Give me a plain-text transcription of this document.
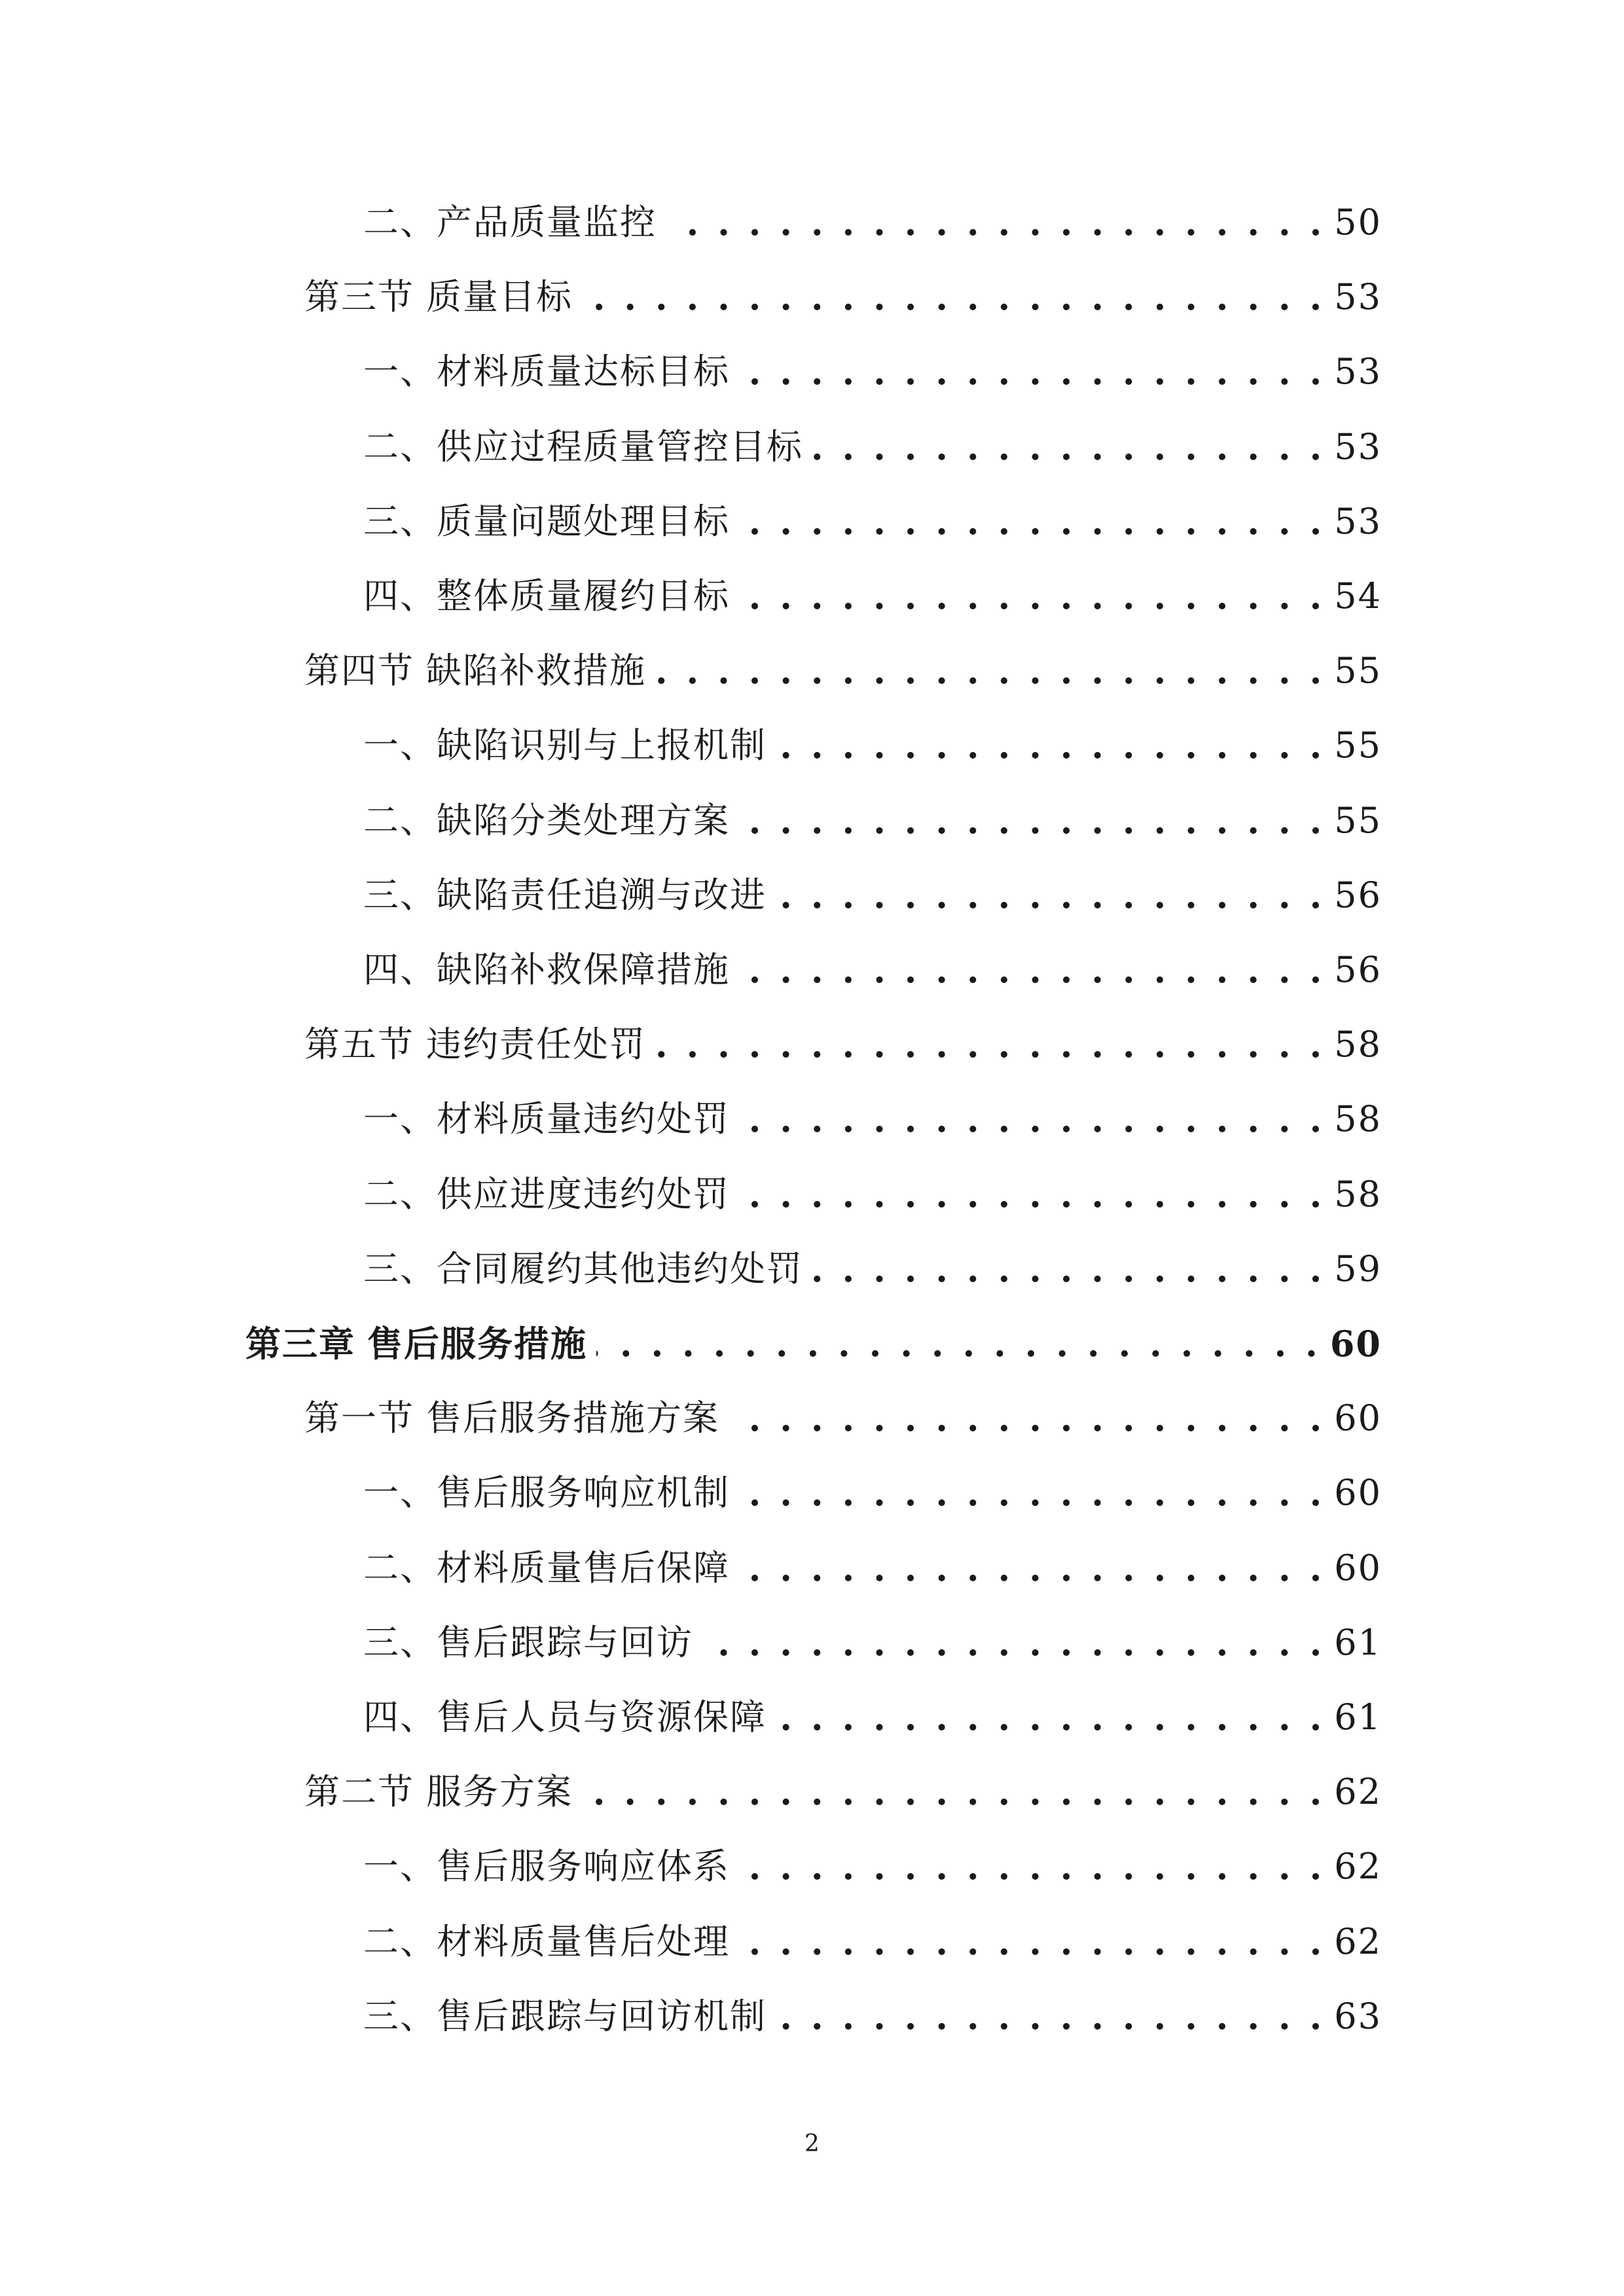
二、 产品质量监控 . . .	50
第三节 质量目标 . . .	53
一、 材料质量达标目标 . . .	53
二、 供应过程质量管控目标 . . .	53
三、 质量问题处理目标 . . .	53
四、 整体质量履约目标 . . .	54
第四节 缺陷补救措施 . . .	55
一、 缺陷识别与上报机制 . . .	55
二、 缺陷分类处理方案 . . .	55
三、 缺陷责任追溯与改进 . . .	56
四、 缺陷补救保障措施 . . .	56
第五节 违约责任处罚 . . .	58
一、 材料质量违约处罚 . . .	58
二、 供应进度违约处罚 . . .	58
三、 合同履约其他违约处罚 . . .	59
第三章 售后服务措施 . . .	60
第一节 售后服务措施方案 . . .	60
一、 售后服务响应机制 . . .	60
二、 材料质量售后保障 . . .	60
三、 售后跟踪与回访 . . .	61
四、 售后人员与资源保障 . . .	61
第二节 服务方案 . . .	62
一、 售后服务响应体系 . . .	62
二、 材料质量售后处理 . . .	62
三、 售后跟踪与回访机制 . . .	63
2
